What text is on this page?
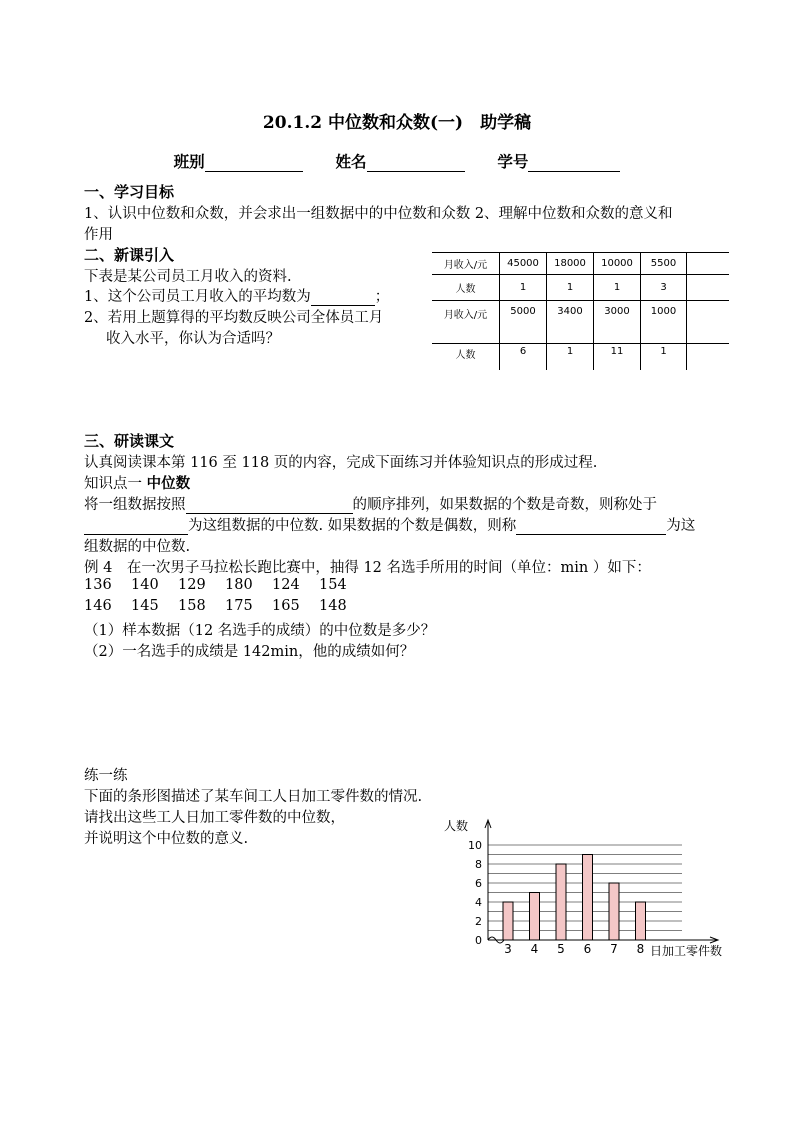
20.1.2 中位数和众数(一)　助学稿
班别	姓名	学号
一、学习目标
1、认识中位数和众数，并会求出一组数据中的中位数和众数 2、理解中位数和众数的意义和
作用
二、新课引入
下表是某公司员工月收入的资料.
1、这个公司员工月收入的平均数为	；
2、若用上题算得的平均数反映公司全体员工月
收入水平，你认为合适吗？
月收入/元	45000	18000	10000	5500	
人数	1	1	1	3	
月收入/元	5000	3400	3000	1000	
人数	6	1	11	1	
三、研读课文
认真阅读课本第 116 至 118 页的内容，完成下面练习并体验知识点的形成过程.
知识点一 中位数
将一组数据按照	的顺序排列，如果数据的个数是奇数，则称处于
为这组数据的中位数. 如果数据的个数是偶数，则称	为这
组数据的中位数.
例 4　在一次男子马拉松长跑比赛中，抽得 12 名选手所用的时间（单位：min ）如下：
136 140 129 180 124 154
146 145 158 175 165 148
（1）样本数据（12 名选手的成绩）的中位数是多少？
（2）一名选手的成绩是 142min，他的成绩如何？
练一练
下面的条形图描述了某车间工人日加工零件数的情况.
请找出这些工人日加工零件数的中位数，
并说明这个中位数的意义.
0
2
4
6
8
10
3 4 5 6 7 8
人数
日加工零件数
